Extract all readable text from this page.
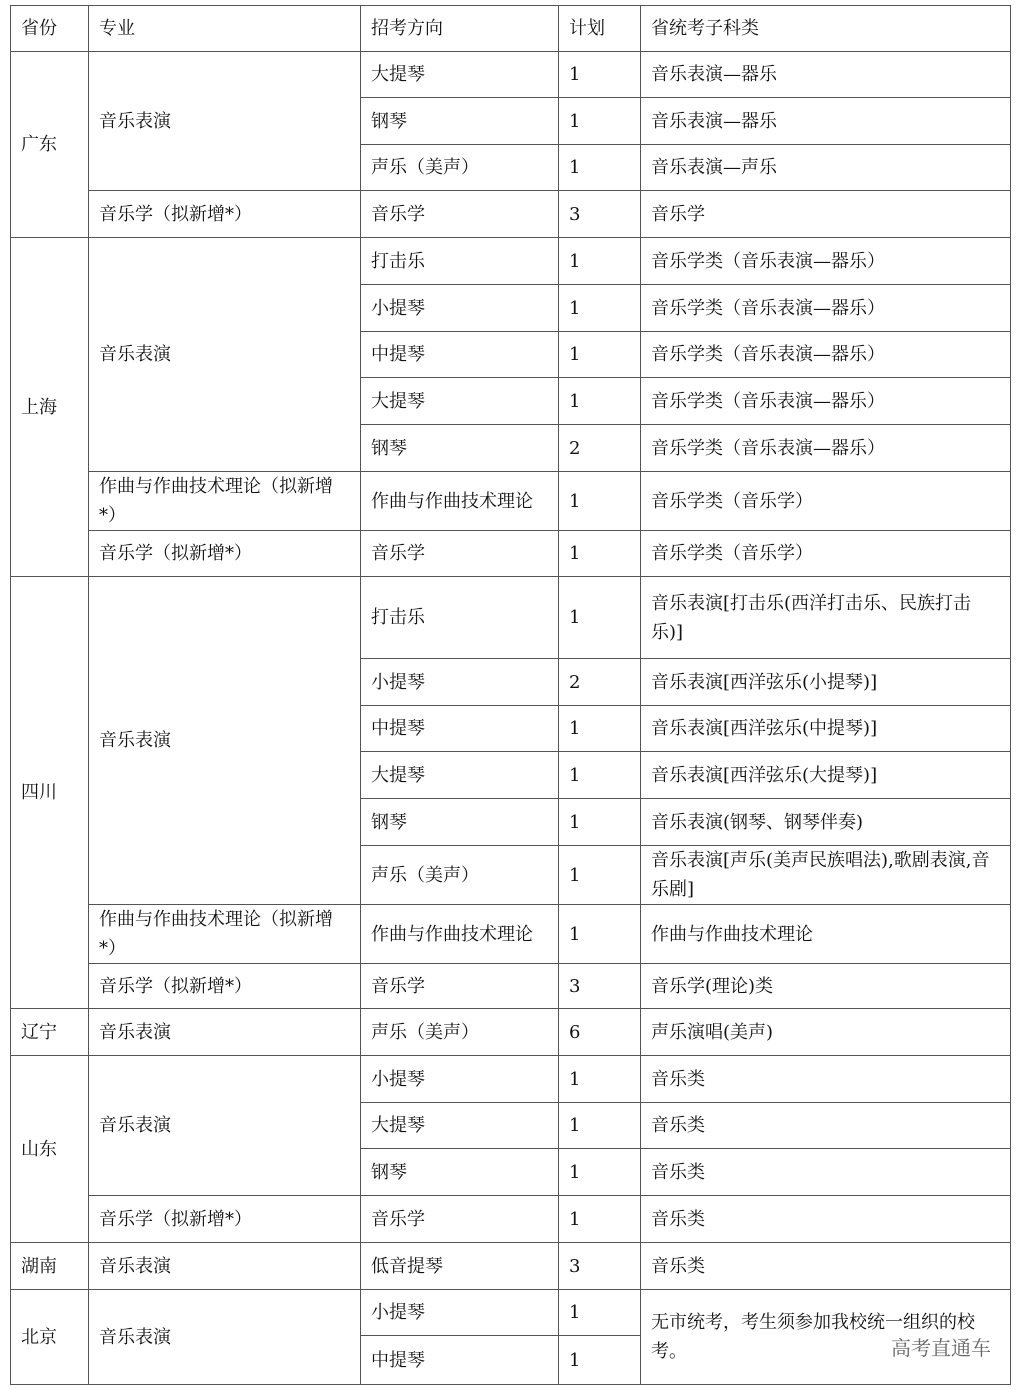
省份	专业	招考方向	计划	省统考子科类
广东	音乐表演	大提琴	1	音乐表演—器乐
		钢琴	1	音乐表演—器乐
		声乐（美声）	1	音乐表演—声乐
	音乐学（拟新增*）	音乐学	3	音乐学
上海	音乐表演	打击乐	1	音乐学类（音乐表演—器乐）
		小提琴	1	音乐学类（音乐表演—器乐）
		中提琴	1	音乐学类（音乐表演—器乐）
		大提琴	1	音乐学类（音乐表演—器乐）
		钢琴	2	音乐学类（音乐表演—器乐）
	作曲与作曲技术理论（拟新增*）	作曲与作曲技术理论	1	音乐学类（音乐学）
	音乐学（拟新增*）	音乐学	1	音乐学类（音乐学）
四川	音乐表演	打击乐	1	音乐表演[打击乐(西洋打击乐、民族打击乐)]
		小提琴	2	音乐表演[西洋弦乐(小提琴)]
		中提琴	1	音乐表演[西洋弦乐(中提琴)]
		大提琴	1	音乐表演[西洋弦乐(大提琴)]
		钢琴	1	音乐表演(钢琴、钢琴伴奏)
		声乐（美声）	1	音乐表演[声乐(美声民族唱法),歌剧表演,音乐剧]
	作曲与作曲技术理论（拟新增*）	作曲与作曲技术理论	1	作曲与作曲技术理论
	音乐学（拟新增*）	音乐学	3	音乐学(理论)类
辽宁	音乐表演	声乐（美声）	6	声乐演唱(美声)
山东	音乐表演	小提琴	1	音乐类
		大提琴	1	音乐类
		钢琴	1	音乐类
	音乐学（拟新增*）	音乐学	1	音乐类
湖南	音乐表演	低音提琴	3	音乐类
北京	音乐表演	小提琴	1	无市统考，考生须参加我校统一组织的校考。
		中提琴	1		高考直通车
